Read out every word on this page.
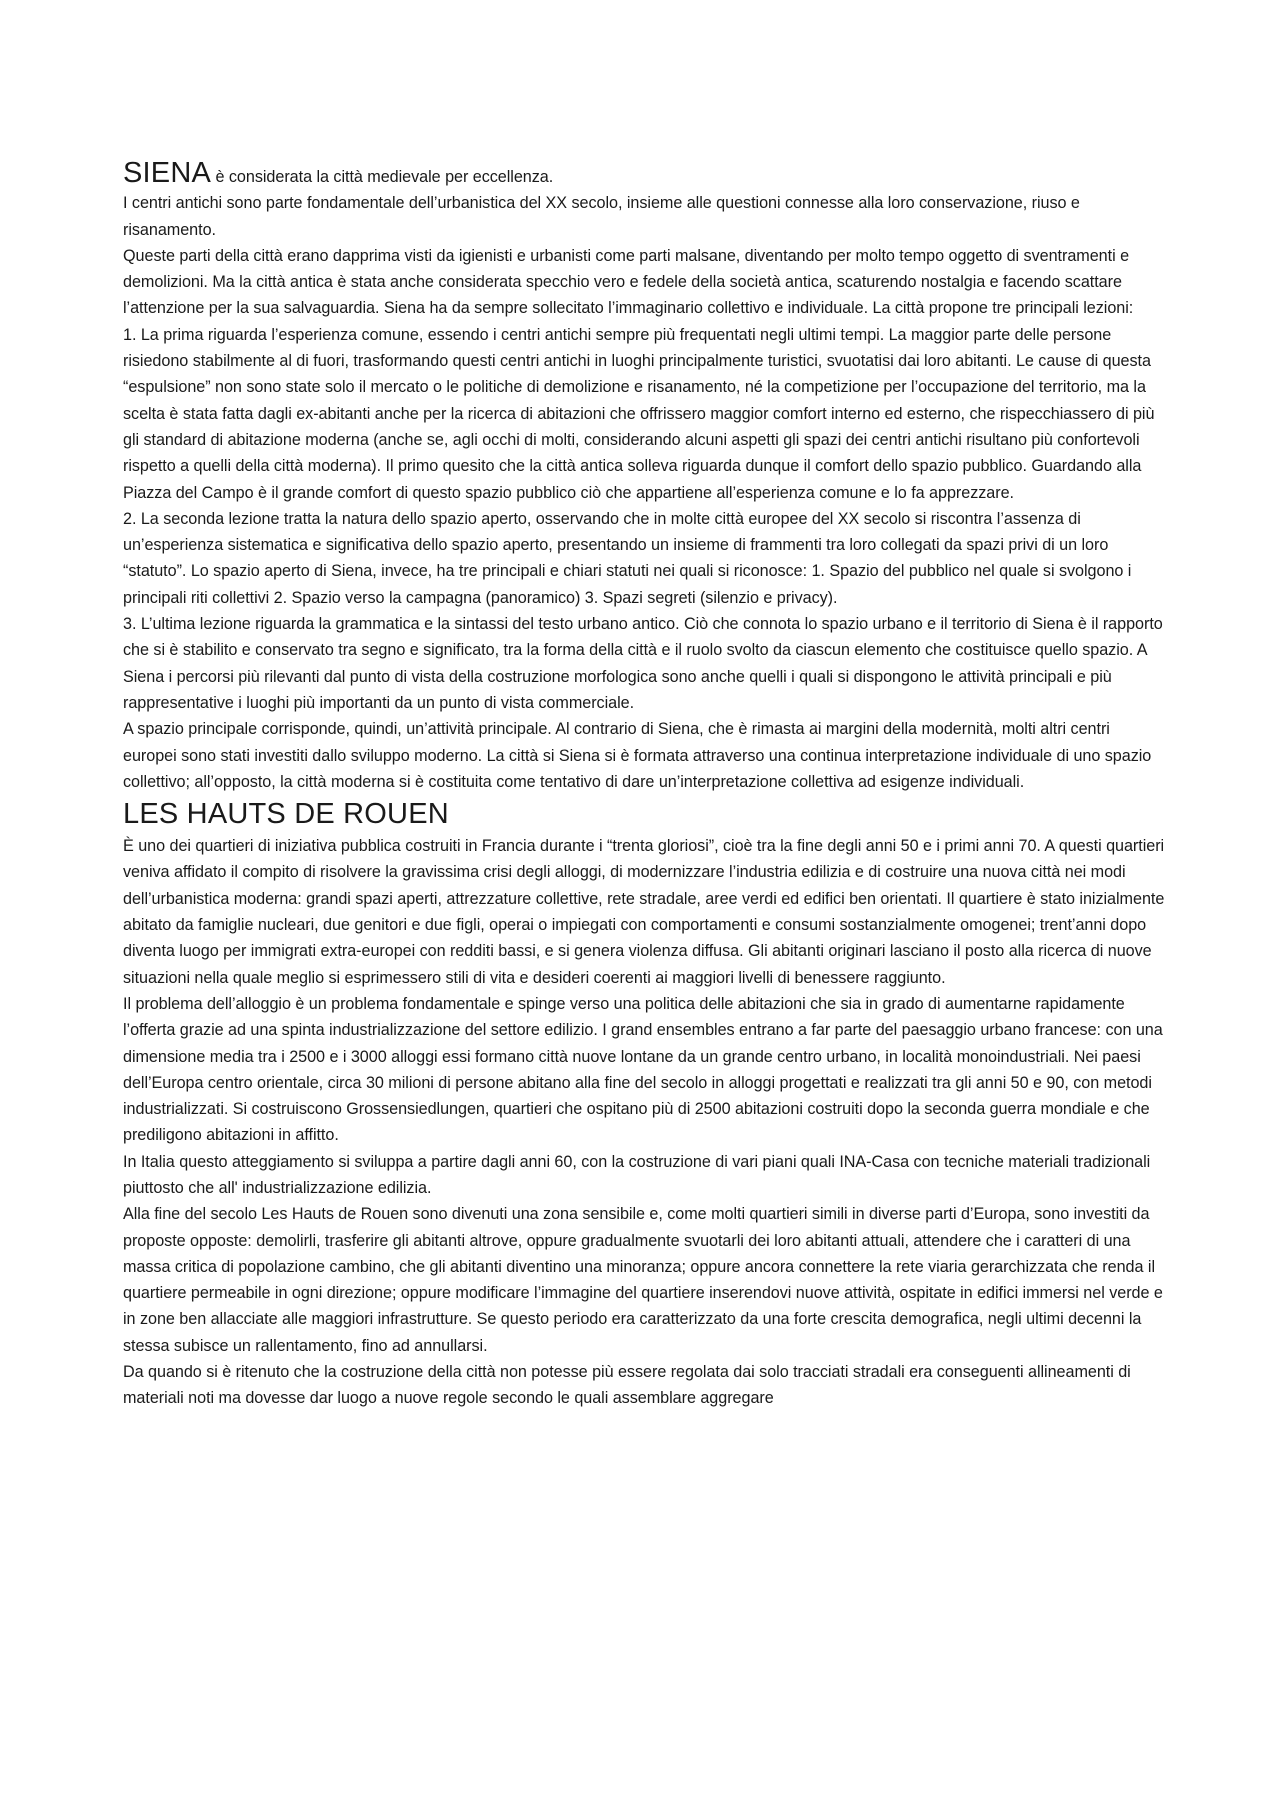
SIENA è considerata la città medievale per eccellenza.

I centri antichi sono parte fondamentale dell’urbanistica del XX secolo, insieme alle questioni connesse alla loro conservazione, riuso e risanamento.

Queste parti della città erano dapprima visti da igienisti e urbanisti come parti malsane, diventando per molto tempo oggetto di sventramenti e demolizioni. Ma la città antica è stata anche considerata specchio vero e fedele della società antica, scaturendo nostalgia e facendo scattare l’attenzione per la sua salvaguardia. Siena ha da sempre sollecitato l’immaginario collettivo e individuale. La città propone tre principali lezioni:

1. La prima riguarda l’esperienza comune, essendo i centri antichi sempre più frequentati negli ultimi tempi. La maggior parte delle persone risiedono stabilmente al di fuori, trasformando questi centri antichi in luoghi principalmente turistici, svuotatisi dai loro abitanti. Le cause di questa “espulsione” non sono state solo il mercato o le politiche di demolizione e risanamento, né la competizione per l’occupazione del territorio, ma la scelta è stata fatta dagli ex-abitanti anche per la ricerca di abitazioni che offrissero maggior comfort interno ed esterno, che rispecchiassero di più gli standard di abitazione moderna (anche se, agli occhi di molti, considerando alcuni aspetti gli spazi dei centri antichi risultano più confortevoli rispetto a quelli della città moderna). Il primo quesito che la città antica solleva riguarda dunque il comfort dello spazio pubblico. Guardando alla Piazza del Campo è il grande comfort di questo spazio pubblico ciò che appartiene all’esperienza comune e lo fa apprezzare.

2. La seconda lezione tratta la natura dello spazio aperto, osservando che in molte città europee del XX secolo si riscontra l’assenza di un’esperienza sistematica e significativa dello spazio aperto, presentando un insieme di frammenti tra loro collegati da spazi privi di un loro “statuto”. Lo spazio aperto di Siena, invece, ha tre principali e chiari statuti nei quali si riconosce: 1. Spazio del pubblico nel quale si svolgono i principali riti collettivi 2. Spazio verso la campagna (panoramico) 3. Spazi segreti (silenzio e privacy).

3. L’ultima lezione riguarda la grammatica e la sintassi del testo urbano antico. Ciò che connota lo spazio urbano e il territorio di Siena è il rapporto che si è stabilito e conservato tra segno e significato, tra la forma della città e il ruolo svolto da ciascun elemento che costituisce quello spazio. A Siena i percorsi più rilevanti dal punto di vista della costruzione morfologica sono anche quelli i quali si dispongono le attività principali e più rappresentative i luoghi più importanti da un punto di vista commerciale.

A spazio principale corrisponde, quindi, un’attività principale. Al contrario di Siena, che è rimasta ai margini della modernità, molti altri centri europei sono stati investiti dallo sviluppo moderno. La città si Siena si è formata attraverso una continua interpretazione individuale di uno spazio collettivo; all’opposto, la città moderna si è costituita come tentativo di dare un’interpretazione collettiva ad esigenze individuali.

LES HAUTS DE ROUEN

È uno dei quartieri di iniziativa pubblica costruiti in Francia durante i “trenta gloriosi”, cioè tra la fine degli anni 50 e i primi anni 70. A questi quartieri veniva affidato il compito di risolvere la gravissima crisi degli alloggi, di modernizzare l’industria edilizia e di costruire una nuova città nei modi dell’urbanistica moderna: grandi spazi aperti, attrezzature collettive, rete stradale, aree verdi ed edifici ben orientati. Il quartiere è stato inizialmente abitato da famiglie nucleari, due genitori e due figli, operai o impiegati con comportamenti e consumi sostanzialmente omogenei; trent’anni dopo diventa luogo per immigrati extra-europei con redditi bassi, e si genera violenza diffusa. Gli abitanti originari lasciano il posto alla ricerca di nuove situazioni nella quale meglio si esprimessero stili di vita e desideri coerenti ai maggiori livelli di benessere raggiunto.

Il problema dell’alloggio è un problema fondamentale e spinge verso una politica delle abitazioni che sia in grado di aumentarne rapidamente l’offerta grazie ad una spinta industrializzazione del settore edilizio. I grand ensembles entrano a far parte del paesaggio urbano francese: con una dimensione media tra i 2500 e i 3000 alloggi essi formano città nuove lontane da un grande centro urbano, in località monoindustriali. Nei paesi dell’Europa centro orientale, circa 30 milioni di persone abitano alla fine del secolo in alloggi progettati e realizzati tra gli anni 50 e 90, con metodi industrializzati. Si costruiscono Grossensiedlungen, quartieri che ospitano più di 2500 abitazioni costruiti dopo la seconda guerra mondiale e che prediligono abitazioni in affitto.

In Italia questo atteggiamento si sviluppa a partire dagli anni 60, con la costruzione di vari piani quali INA-Casa con tecniche materiali tradizionali piuttosto che all' industrializzazione edilizia.

Alla fine del secolo Les Hauts de Rouen sono divenuti una zona sensibile e, come molti quartieri simili in diverse parti d’Europa, sono investiti da proposte opposte: demolirli, trasferire gli abitanti altrove, oppure gradualmente svuotarli dei loro abitanti attuali, attendere che i caratteri di una massa critica di popolazione cambino, che gli abitanti diventino una minoranza; oppure ancora connettere la rete viaria gerarchizzata che renda il quartiere permeabile in ogni direzione; oppure modificare l’immagine del quartiere inserendovi nuove attività, ospitate in edifici immersi nel verde e in zone ben allacciate alle maggiori infrastrutture. Se questo periodo era caratterizzato da una forte crescita demografica, negli ultimi decenni la stessa subisce un rallentamento, fino ad annullarsi.

Da quando si è ritenuto che la costruzione della città non potesse più essere regolata dai solo tracciati stradali era conseguenti allineamenti di materiali noti ma dovesse dar luogo a nuove regole secondo le quali assemblare aggregare
